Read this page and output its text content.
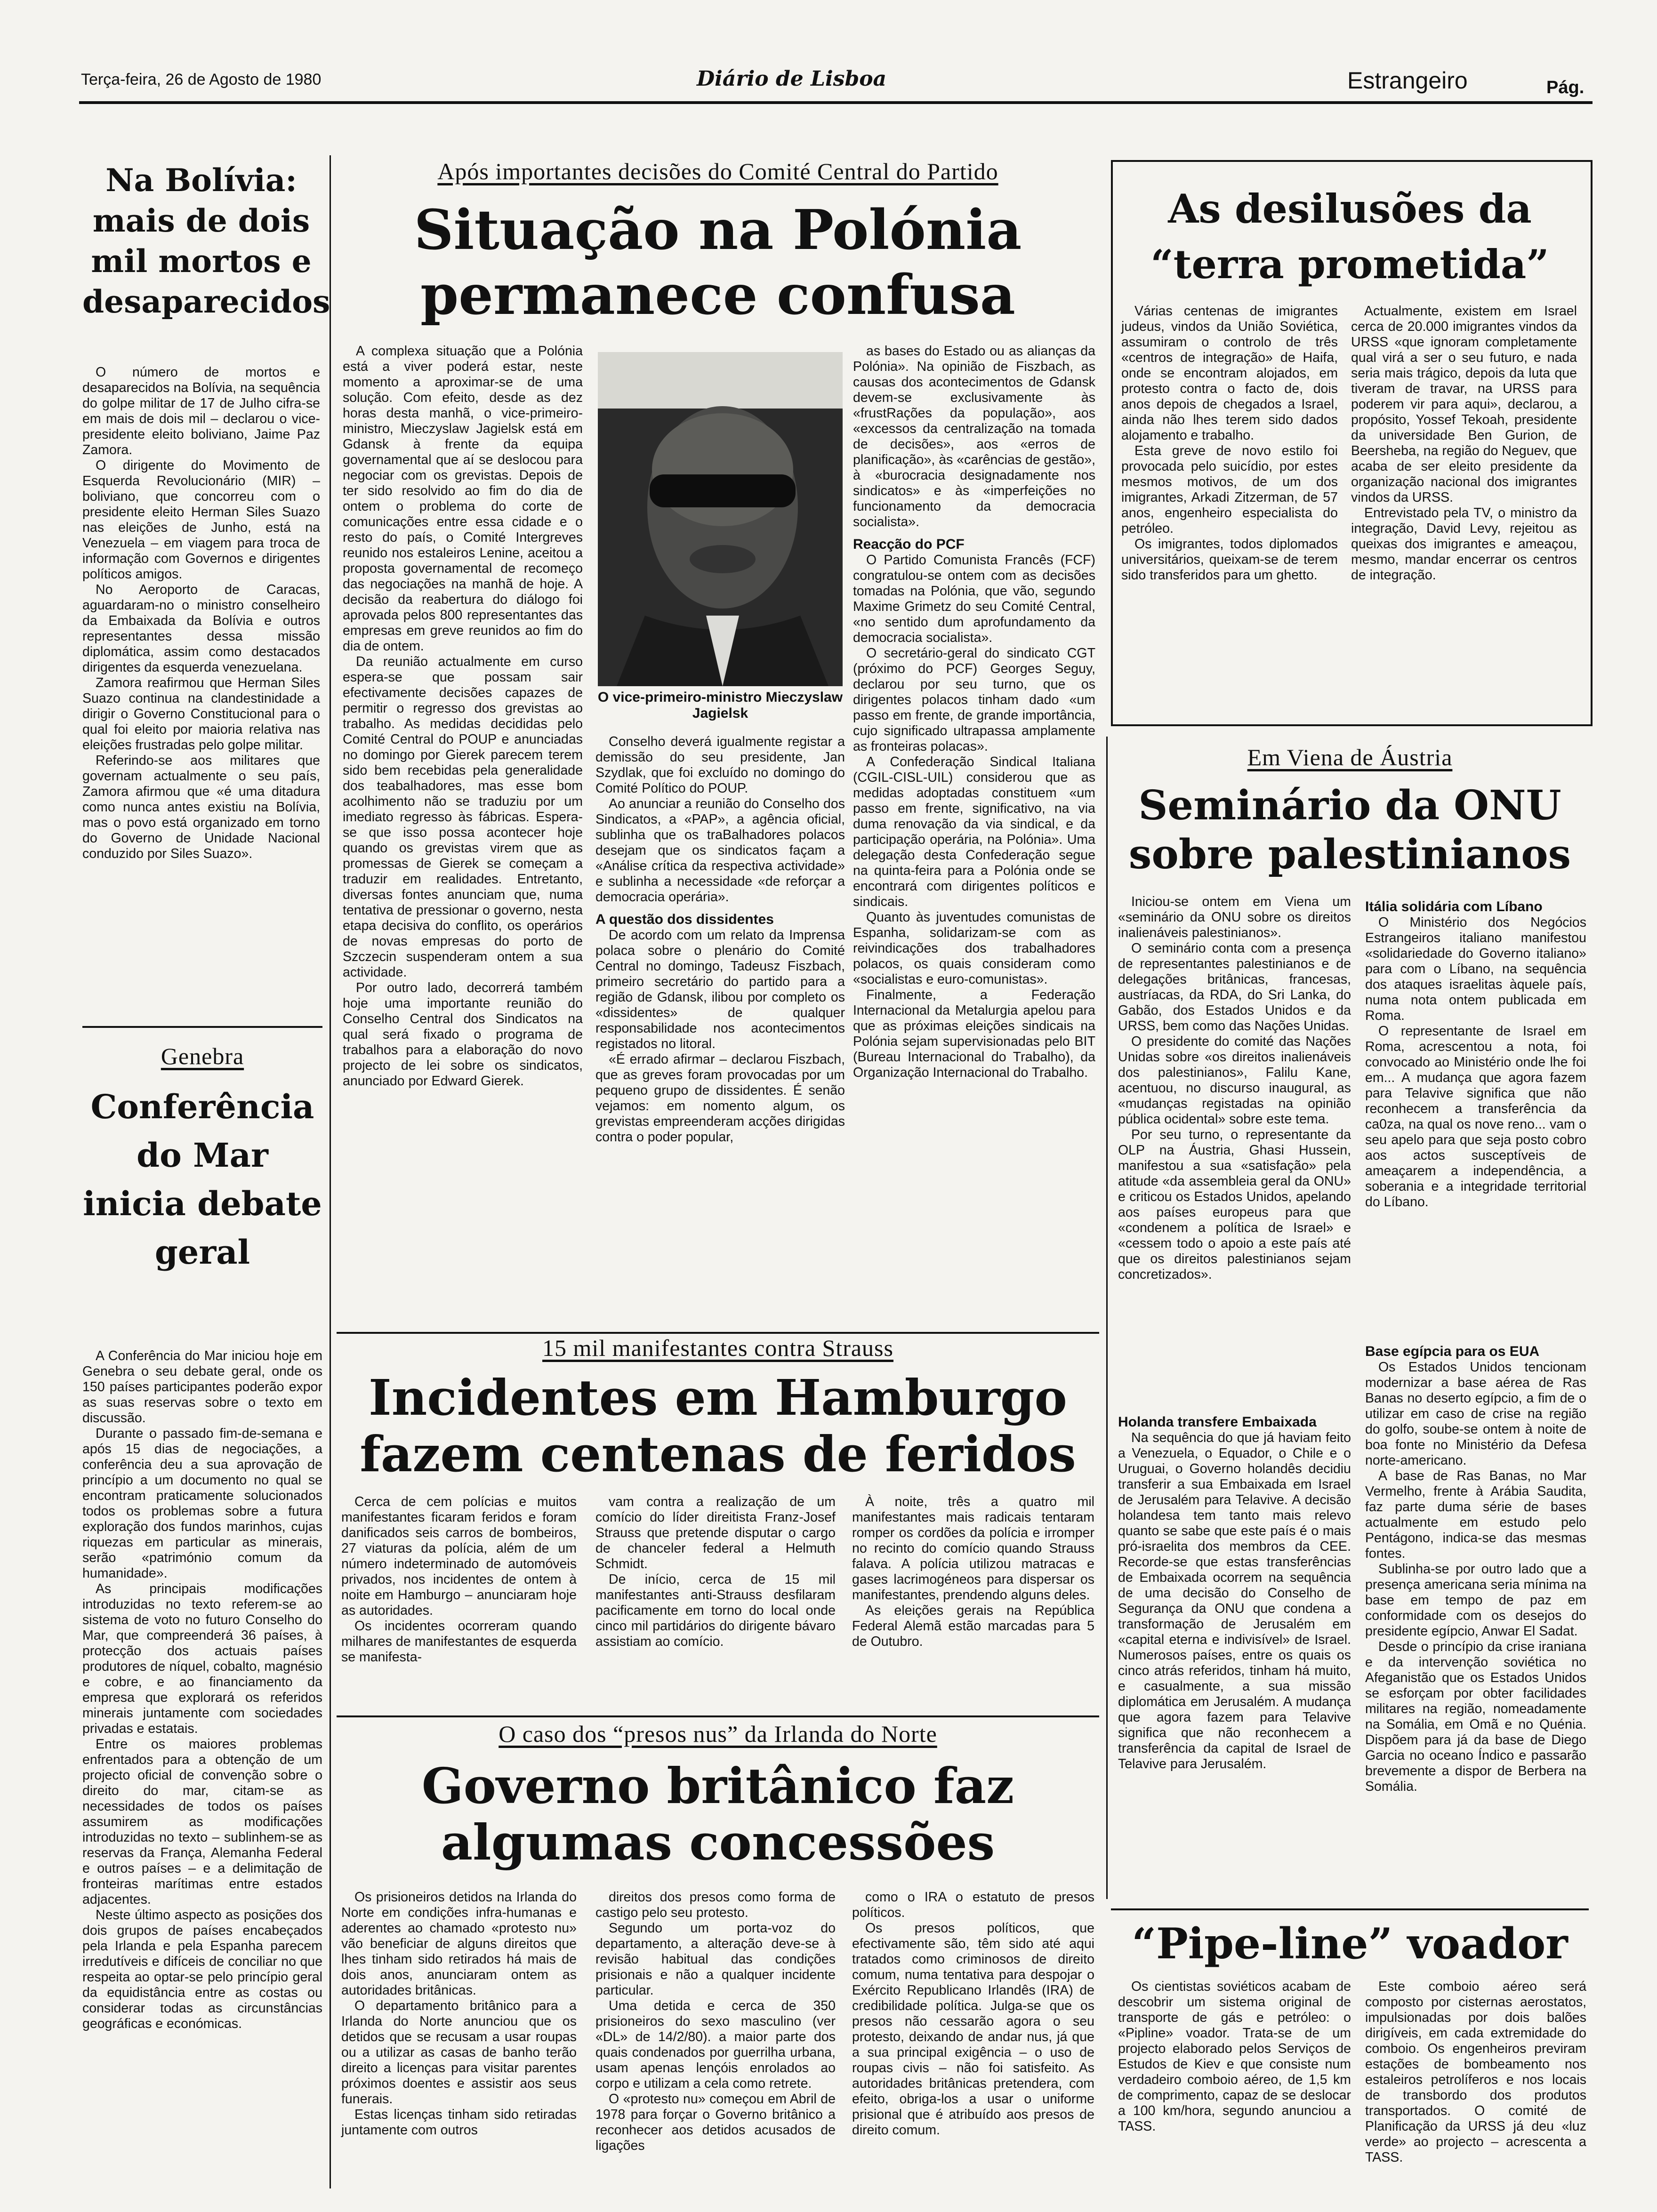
Terça-feira, 26 de Agosto de 1980	Diário de Lisboa	Estrangeiro	Pág.
Na Bolívia: mais de dois mil mortos e desaparecidos

O número de mortos e desaparecidos na Bolívia, na sequência do golpe militar de 17 de Julho cifra-se em mais de dois mil – declarou o vice-presidente eleito boliviano, Jaime Paz Zamora.

O dirigente do Movimento de Esquerda Revolucionário (MIR) – boliviano, que concorreu com o presidente eleito Herman Siles Suazo nas eleições de Junho, está na Venezuela – em viagem para troca de informação com Governos e dirigentes políticos amigos.

No Aeroporto de Caracas, aguardaram-no o ministro conselheiro da Embaixada da Bolívia e outros representantes dessa missão diplomática, assim como destacados dirigentes da esquerda venezuelana.

Zamora reafirmou que Herman Siles Suazo continua na clandestinidade a dirigir o Governo Constitucional para o qual foi eleito por maioria relativa nas eleições frustradas pelo golpe militar.

Referindo-se aos militares que governam actualmente o seu país, Zamora afirmou que «é uma ditadura como nunca antes existiu na Bolívia, mas o povo está organizado em torno do Governo de Unidade Nacional conduzido por Siles Suazo».

Genebra
Conferência do Mar inicia debate geral

A Conferência do Mar iniciou hoje em Genebra o seu debate geral, onde os 150 países participantes poderão expor as suas reservas sobre o texto em discussão.

Durante o passado fim-de-semana e após 15 dias de negociações, a conferência deu a sua aprovação de princípio a um documento no qual se encontram praticamente solucionados todos os problemas sobre a futura exploração dos fundos marinhos, cujas riquezas em particular as minerais, serão «património comum da humanidade».

As principais modificações introduzidas no texto referem-se ao sistema de voto no futuro Conselho do Mar, que compreenderá 36 países, à protecção dos actuais países produtores de níquel, cobalto, magnésio e cobre, e ao financiamento da empresa que explorará os referidos minerais juntamente com sociedades privadas e estatais.

Entre os maiores problemas enfrentados para a obtenção de um projecto oficial de convenção sobre o direito do mar, citam-se as necessidades de todos os países assumirem as modificações introduzidas no texto – sublinhem-se as reservas da França, Alemanha Federal e outros países – e a delimitação de fronteiras marítimas entre estados adjacentes.

Neste último aspecto as posições dos dois grupos de países encabeçados pela Irlanda e pela Espanha parecem irredutíveis e difíceis de conciliar no que respeita ao optar-se pelo princípio geral da equidistância entre as costas ou considerar todas as circunstâncias geográficas e económicas.

Após importantes decisões do Comité Central do Partido
Situação na Polónia permanece confusa

A complexa situação que a Polónia está a viver poderá estar, neste momento a aproximar-se de uma solução. Com efeito, desde as dez horas desta manhã, o vice-primeiro-ministro, Mieczyslaw Jagielsk está em Gdansk à frente da equipa governamental que aí se deslocou para negociar com os grevistas. Depois de ter sido resolvido ao fim do dia de ontem o problema do corte de comunicações entre essa cidade e o resto do país, o Comité Intergreves reunido nos estaleiros Lenine, aceitou a proposta governamental de recomeço das negociações na manhã de hoje. A decisão da reabertura do diálogo foi aprovada pelos 800 representantes das empresas em greve reunidos ao fim do dia de ontem.

Da reunião actualmente em curso espera-se que possam sair efectivamente decisões capazes de permitir o regresso dos grevistas ao trabalho. As medidas decididas pelo Comité Central do POUP e anunciadas no domingo por Gierek parecem terem sido bem recebidas pela generalidade dos teabalhadores, mas esse bom acolhimento não se traduziu por um imediato regresso às fábricas. Espera-se que isso possa acontecer hoje quando os grevistas virem que as promessas de Gierek se começam a traduzir em realidades. Entretanto, diversas fontes anunciam que, numa tentativa de pressionar o governo, nesta etapa decisiva do conflito, os operários de novas empresas do porto de Szczecin suspenderam ontem a sua actividade.

Por outro lado, decorrerá também hoje uma importante reunião do Conselho Central dos Sindicatos na qual será fixado o programa de trabalhos para a elaboração do novo projecto de lei sobre os sindicatos, anunciado por Edward Gierek.

O vice-primeiro-ministro Mieczyslaw Jagielsk

Conselho deverá igualmente registar a demissão do seu presidente, Jan Szydlak, que foi excluído no domingo do Comité Político do POUP.

Ao anunciar a reunião do Conselho dos Sindicatos, a «PAP», a agência oficial, sublinha que os traBalhadores polacos desejam que os sindicatos façam a «Análise crítica da respectiva actividade» e sublinha a necessidade «de reforçar a democracia operária».

A questão dos dissidentes

De acordo com um relato da Imprensa polaca sobre o plenário do Comité Central no domingo, Tadeusz Fiszbach, primeiro secretário do partido para a região de Gdansk, ilibou por completo os «dissidentes» de qualquer responsabilidade nos acontecimentos registados no litoral.

«É errado afirmar – declarou Fiszbach, que as greves foram provocadas por um pequeno grupo de dissidentes. É senão vejamos: em nomento algum, os grevistas empreenderam acções dirigidas contra o poder popular,

as bases do Estado ou as alianças da Polónia». Na opinião de Fiszbach, as causas dos acontecimentos de Gdansk devem-se exclusivamente às «frustRações da população», aos «excessos da centralização na tomada de decisões», aos «erros de planificação», às «carências de gestão», à «burocracia designadamente nos sindicatos» e às «imperfeições no funcionamento da democracia socialista».

Reacção do PCF

O Partido Comunista Francês (FCF) congratulou-se ontem com as decisões tomadas na Polónia, que vão, segundo Maxime Grimetz do seu Comité Central, «no sentido dum aprofundamento da democracia socialista».

O secretário-geral do sindicato CGT (próximo do PCF) Georges Seguy, declarou por seu turno, que os dirigentes polacos tinham dado «um passo em frente, de grande importância, cujo significado ultrapassa amplamente as fronteiras polacas».

A Confederação Sindical Italiana (CGIL-CISL-UIL) considerou que as medidas adoptadas constituem «um passo em frente, significativo, na via duma renovação da via sindical, e da participação operária, na Polónia». Uma delegação desta Confederação segue na quinta-feira para a Polónia onde se encontrará com dirigentes políticos e sindicais.

Quanto às juventudes comunistas de Espanha, solidarizam-se com as reivindicações dos trabalhadores polacos, os quais consideram como «socialistas e euro-comunistas».

Finalmente, a Federação Internacional da Metalurgia apelou para que as próximas eleições sindicais na Polónia sejam supervisionadas pelo BIT (Bureau Internacional do Trabalho), da Organização Internacional do Trabalho.

As desilusões da “terra prometida”

Várias centenas de imigrantes judeus, vindos da União Soviética, assumiram o controlo de três «centros de integração» de Haifa, onde se encontram alojados, em protesto contra o facto de, dois anos depois de chegados a Israel, ainda não lhes terem sido dados alojamento e trabalho.

Esta greve de novo estilo foi provocada pelo suicídio, por estes mesmos motivos, de um dos imigrantes, Arkadi Zitzerman, de 57 anos, engenheiro especialista do petróleo.

Os imigrantes, todos diplomados universitários, queixam-se de terem sido transferidos para um ghetto.

Actualmente, existem em Israel cerca de 20.000 imigrantes vindos da URSS «que ignoram completamente qual virá a ser o seu futuro, e nada seria mais trágico, depois da luta que tiveram de travar, na URSS para poderem vir para aqui», declarou, a propósito, Yossef Tekoah, presidente da universidade Ben Gurion, de Beersheba, na região do Neguev, que acaba de ser eleito presidente da organização nacional dos imigrantes vindos da URSS.

Entrevistado pela TV, o ministro da integração, David Levy, rejeitou as queixas dos imigrantes e ameaçou, mesmo, mandar encerrar os centros de integração.

Em Viena de Áustria
Seminário da ONU sobre palestinianos

Iniciou-se ontem em Viena um «seminário da ONU sobre os direitos inalienáveis palestinianos».

O seminário conta com a presença de representantes palestinianos e de delegações britânicas, francesas, austríacas, da RDA, do Sri Lanka, do Gabão, dos Estados Unidos e da URSS, bem como das Nações Unidas.

O presidente do comité das Nações Unidas sobre «os direitos inalienáveis dos palestinianos», Falilu Kane, acentuou, no discurso inaugural, as «mudanças registadas na opinião pública ocidental» sobre este tema.

Por seu turno, o representante da OLP na Áustria, Ghasi Hussein, manifestou a sua «satisfação» pela atitude «da assembleia geral da ONU» e criticou os Estados Unidos, apelando aos países europeus para que «condenem a política de Israel» e «cessem todo o apoio a este país até que os direitos palestinianos sejam concretizados».

Itália solidária com Líbano

O Ministério dos Negócios Estrangeiros italiano manifestou «solidariedade do Governo italiano» para com o Líbano, na sequência dos ataques israelitas àquele país, numa nota ontem publicada em Roma.

O representante de Israel em Roma, acrescentou a nota, foi convocado ao Ministério onde lhe foi em... A mudança que agora fazem para Telavive significa que não reconhecem a transferência da ca0za, na qual os nove reno... vam o seu apelo para que seja posto cobro aos actos susceptíveis de ameaçarem a independência, a soberania e a integridade territorial do Líbano.

Holanda transfere Embaixada

Na sequência do que já haviam feito a Venezuela, o Equador, o Chile e o Uruguai, o Governo holandês decidiu transferir a sua Embaixada em Israel de Jerusalém para Telavive. A decisão holandesa tem tanto mais relevo quanto se sabe que este país é o mais pró-israelita dos membros da CEE. Recorde-se que estas transferências de Embaixada ocorrem na sequência de uma decisão do Conselho de Segurança da ONU que condena a transformação de Jerusalém em «capital eterna e indivisível» de Israel. Numerosos países, entre os quais os cinco atrás referidos, tinham há muito, e casualmente, a sua missão diplomática em Jerusalém. A mudança que agora fazem para Telavive significa que não reconhecem a transferência da capital de Israel de Telavive para Jerusalém.

Base egípcia para os EUA

Os Estados Unidos tencionam modernizar a base aérea de Ras Banas no deserto egípcio, a fim de o utilizar em caso de crise na região do golfo, soube-se ontem à noite de boa fonte no Ministério da Defesa norte-americano.

A base de Ras Banas, no Mar Vermelho, frente à Arábia Saudita, faz parte duma série de bases actualmente em estudo pelo Pentágono, indica-se das mesmas fontes.

Sublinha-se por outro lado que a presença americana seria mínima na base em tempo de paz em conformidade com os desejos do presidente egípcio, Anwar El Sadat.

Desde o princípio da crise iraniana e da intervenção soviética no Afeganistão que os Estados Unidos se esforçam por obter facilidades militares na região, nomeadamente na Somália, em Omã e no Quénia. Dispõem para já da base de Diego Garcia no oceano Índico e passarão brevemente a dispor de Berbera na Somália.

15 mil manifestantes contra Strauss
Incidentes em Hamburgo fazem centenas de feridos

Cerca de cem polícias e muitos manifestantes ficaram feridos e foram danificados seis carros de bombeiros, 27 viaturas da polícia, além de um número indeterminado de automóveis privados, nos incidentes de ontem à noite em Hamburgo – anunciaram hoje as autoridades.

Os incidentes ocorreram quando milhares de manifestantes de esquerda se manifesta-

vam contra a realização de um comício do líder direitista Franz-Josef Strauss que pretende disputar o cargo de chanceler federal a Helmuth Schmidt.

De início, cerca de 15 mil manifestantes anti-Strauss desfilaram pacificamente em torno do local onde cinco mil partidários do dirigente bávaro assistiam ao comício.

À noite, três a quatro mil manifestantes mais radicais tentaram romper os cordões da polícia e irromper no recinto do comício quando Strauss falava. A polícia utilizou matracas e gases lacrimogéneos para dispersar os manifestantes, prendendo alguns deles.

As eleições gerais na República Federal Alemã estão marcadas para 5 de Outubro.

O caso dos “presos nus” da Irlanda do Norte
Governo britânico faz algumas concessões

Os prisioneiros detidos na Irlanda do Norte em condições infra-humanas e aderentes ao chamado «protesto nu» vão beneficiar de alguns direitos que lhes tinham sido retirados há mais de dois anos, anunciaram ontem as autoridades britânicas.

O departamento britânico para a Irlanda do Norte anunciou que os detidos que se recusam a usar roupas ou a utilizar as casas de banho terão direito a licenças para visitar parentes próximos doentes e assistir aos seus funerais.

Estas licenças tinham sido retiradas juntamente com outros

direitos dos presos como forma de castigo pelo seu protesto.

Segundo um porta-voz do departamento, a alteração deve-se à revisão habitual das condições prisionais e não a qualquer incidente particular.

Uma detida e cerca de 350 prisioneiros do sexo masculino (ver «DL» de 14/2/80). a maior parte dos quais condenados por guerrilha urbana, usam apenas lençóis enrolados ao corpo e utilizam a cela como retrete.

O «protesto nu» começou em Abril de 1978 para forçar o Governo britânico a reconhecer aos detidos acusados de ligações

como o IRA o estatuto de presos políticos.

Os presos políticos, que efectivamente são, têm sido até aqui tratados como criminosos de direito comum, numa tentativa para despojar o Exército Republicano Irlandês (IRA) de credibilidade política. Julga-se que os presos não cessarão agora o seu protesto, deixando de andar nus, já que a sua principal exigência – o uso de roupas civis – não foi satisfeito. As autoridades britânicas pretendera, com efeito, obriga-los a usar o uniforme prisional que é atribuído aos presos de direito comum.

“Pipe-line” voador

Os cientistas soviéticos acabam de descobrir um sistema original de transporte de gás e petróleo: o «Pipline» voador. Trata-se de um projecto elaborado pelos Serviços de Estudos de Kiev e que consiste num verdadeiro comboio aéreo, de 1,5 km de comprimento, capaz de se deslocar a 100 km/hora, segundo anunciou a TASS.

Este comboio aéreo será composto por cisternas aerostatos, impulsionadas por dois balões dirigíveis, em cada extremidade do comboio. Os engenheiros previram estações de bombeamento nos estaleiros petrolíferos e nos locais de transbordo dos produtos transportados. O comité de Planificação da URSS já deu «luz verde» ao projecto – acrescenta a TASS.
